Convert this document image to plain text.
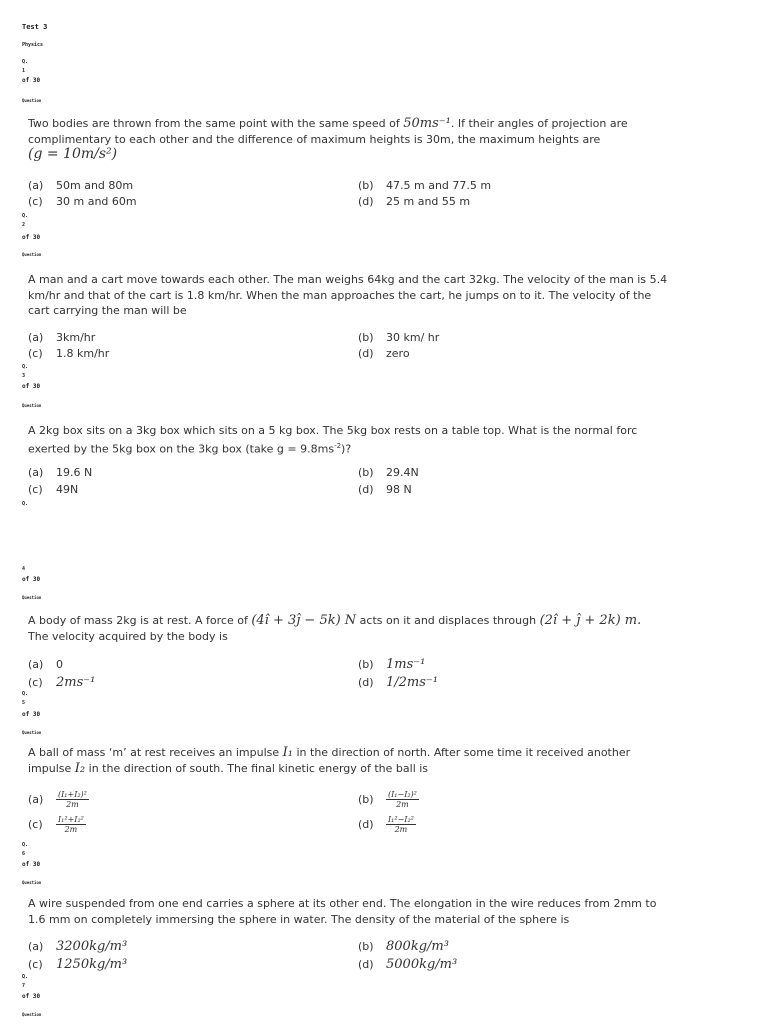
Test 3
Physics
Q.
1
of 30
Question
Two bodies are thrown from the same point with the same speed of 50ms⁻¹. If their angles of projection are
complimentary to each other and the difference of maximum heights is 30m, the maximum heights are
(g = 10m/s²)
(a) 50m and 80m	(b) 47.5 m and 77.5 m
(c) 30 m and 60m	(d) 25 m and 55 m
Q.
2
of 30
Question
A man and a cart move towards each other. The man weighs 64kg and the cart 32kg. The velocity of the man is 5.4
km/hr and that of the cart is 1.8 km/hr. When the man approaches the cart, he jumps on to it. The velocity of the
cart carrying the man will be
(a) 3km/hr	(b) 30 km/ hr
(c) 1.8 km/hr	(d) zero
Q.
3
of 30
Question
A 2kg box sits on a 3kg box which sits on a 5 kg box. The 5kg box rests on a table top. What is the normal forc
exerted by the 5kg box on the 3kg box (take $g = 9.8ms^{-2}$)?
(a) 19.6 N	(b) 29.4N
(c) 49N	(d) 98 N
Q.
4
of 30
Question
A body of mass 2kg is at rest. A force of (4î + 3ĵ − 5k̂) N acts on it and displaces through (2î + ĵ + 2k̂) m.
The velocity acquired by the body is
(a) 0	(b) 1ms⁻¹
(c) 2ms⁻¹	(d) 1/2ms⁻¹
Q.
5
of 30
Question
A ball of mass ‘m’ at rest receives an impulse I₁ in the direction of north. After some time it received another
impulse I₂ in the direction of south. The final kinetic energy of the ball is
$(a) \frac{\text{(I₁+I₂)²}}{2m}$	$(b) \frac{\text{(I₁−I₂)²}}{2m}$
$(c) \frac{\text{I₁²+I₂²}}{2m}$	$(d) \frac{\text{I₁²−I₂²}}{2m}$
Q.
6
of 30
Question
A wire suspended from one end carries a sphere at its other end. The elongation in the wire reduces from 2mm to
1.6 mm on completely immersing the sphere in water. The density of the material of the sphere is
(a) 3200kg/m³	(b) 800kg/m³
(c) 1250kg/m³	(d) 5000kg/m³
Q.
7
of 30
Question
